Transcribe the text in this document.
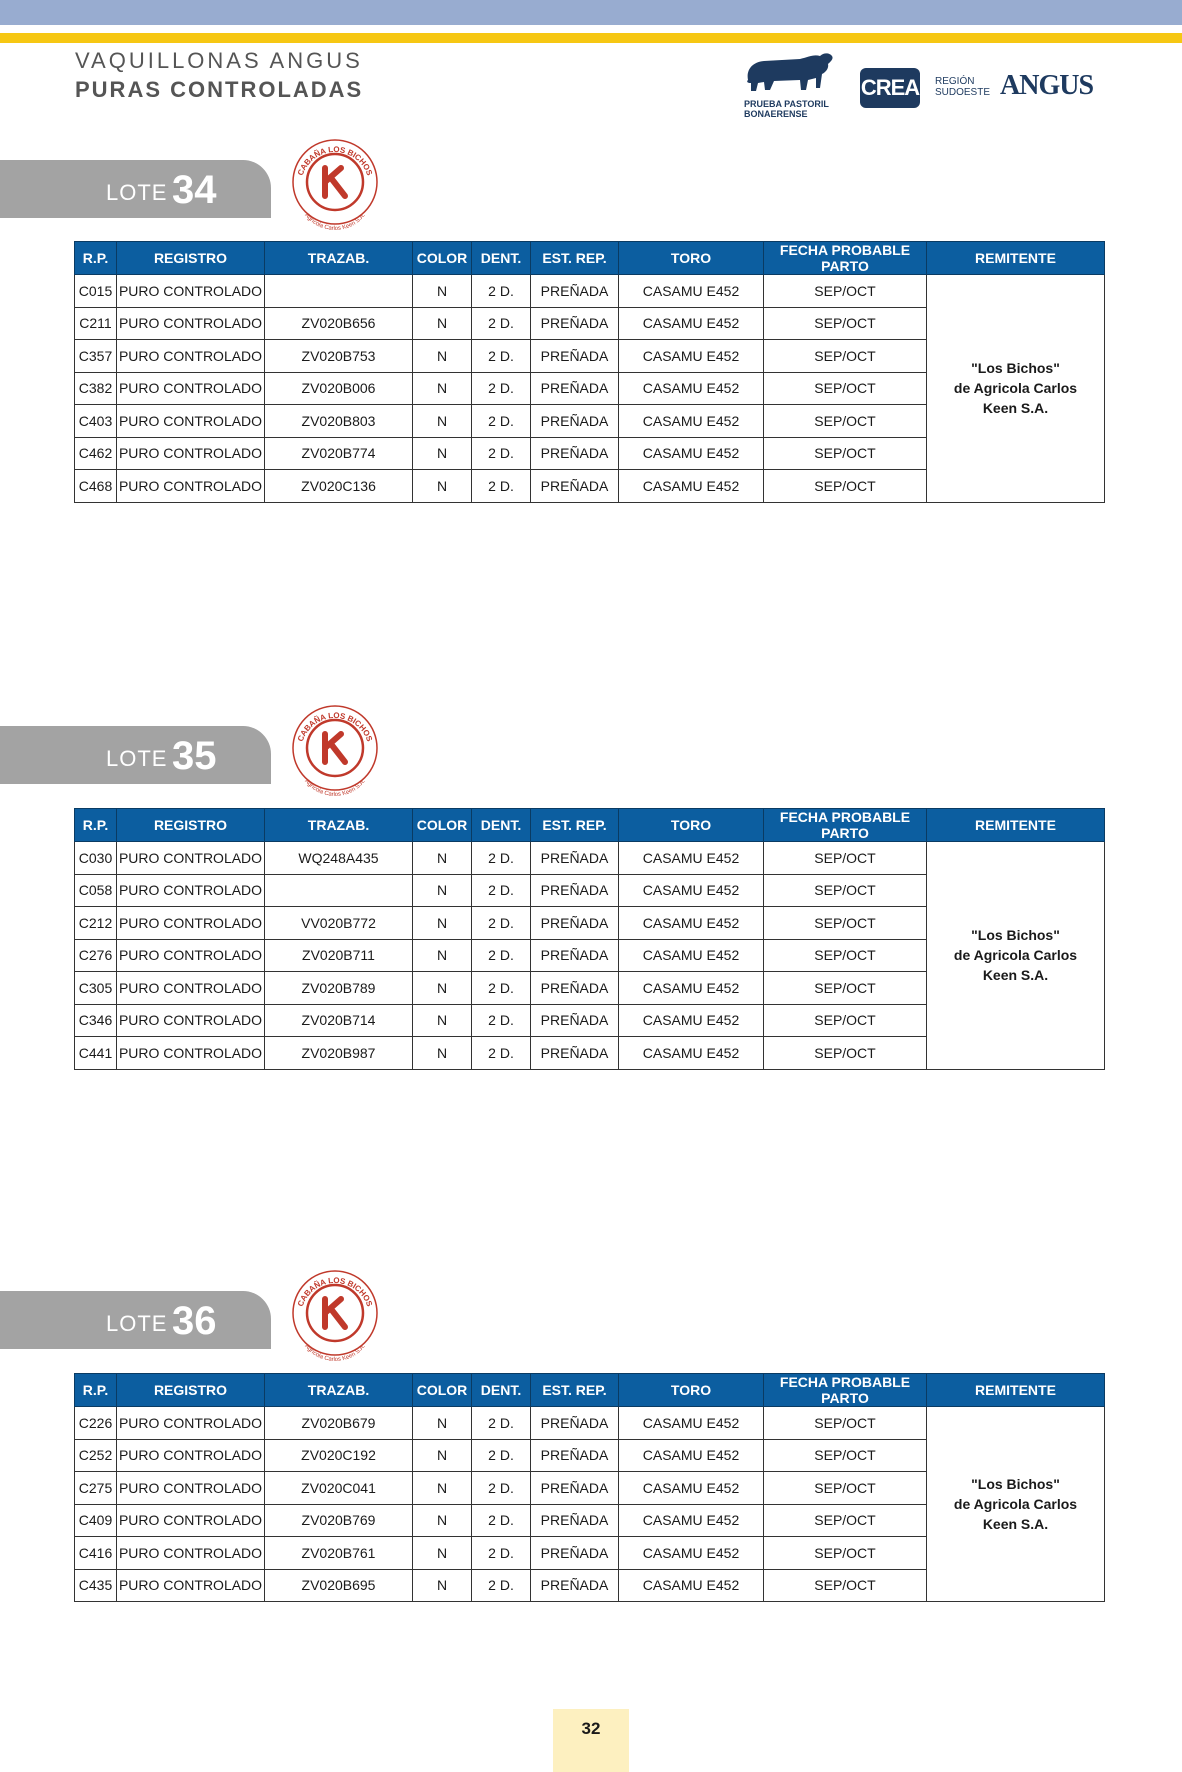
VAQUILLONAS ANGUS
PURAS CONTROLADAS
PRUEBA PASTORIL
BONAERENSE
CREA REGIÓN
SUDOESTE ANGUS
LOTE 34	CABAÑA LOS BICHOS
Agrícola Carlos Keen S.A.
R.P.	REGISTRO	TRAZAB.	COLOR	DENT.	EST. REP.	TORO	FECHA PROBABLE PARTO	REMITENTE
C015	PURO CONTROLADO		N	2 D.	PREÑADA	CASAMU E452	SEP/OCT	"Los Bichos"
de Agricola Carlos
Keen S.A.

C211	PURO CONTROLADO	ZV020B656	N	2 D.	PREÑADA	CASAMU E452	SEP/OCT	
C357	PURO CONTROLADO	ZV020B753	N	2 D.	PREÑADA	CASAMU E452	SEP/OCT	
C382	PURO CONTROLADO	ZV020B006	N	2 D.	PREÑADA	CASAMU E452	SEP/OCT	
C403	PURO CONTROLADO	ZV020B803	N	2 D.	PREÑADA	CASAMU E452	SEP/OCT	
C462	PURO CONTROLADO	ZV020B774	N	2 D.	PREÑADA	CASAMU E452	SEP/OCT	
C468	PURO CONTROLADO	ZV020C136	N	2 D.	PREÑADA	CASAMU E452	SEP/OCT	
LOTE 35	CABAÑA LOS BICHOS
Agrícola Carlos Keen S.A.
R.P.	REGISTRO	TRAZAB.	COLOR	DENT.	EST. REP.	TORO	FECHA PROBABLE PARTO	REMITENTE
C030	PURO CONTROLADO	WQ248A435	N	2 D.	PREÑADA	CASAMU E452	SEP/OCT	"Los Bichos"
de Agricola Carlos
Keen S.A.

C058	PURO CONTROLADO		N	2 D.	PREÑADA	CASAMU E452	SEP/OCT	
C212	PURO CONTROLADO	VV020B772	N	2 D.	PREÑADA	CASAMU E452	SEP/OCT	
C276	PURO CONTROLADO	ZV020B711	N	2 D.	PREÑADA	CASAMU E452	SEP/OCT	
C305	PURO CONTROLADO	ZV020B789	N	2 D.	PREÑADA	CASAMU E452	SEP/OCT	
C346	PURO CONTROLADO	ZV020B714	N	2 D.	PREÑADA	CASAMU E452	SEP/OCT	
C441	PURO CONTROLADO	ZV020B987	N	2 D.	PREÑADA	CASAMU E452	SEP/OCT	
LOTE 36	CABAÑA LOS BICHOS
Agrícola Carlos Keen S.A.
R.P.	REGISTRO	TRAZAB.	COLOR	DENT.	EST. REP.	TORO	FECHA PROBABLE PARTO	REMITENTE
C226	PURO CONTROLADO	ZV020B679	N	2 D.	PREÑADA	CASAMU E452	SEP/OCT	"Los Bichos"
de Agricola Carlos
Keen S.A.

C252	PURO CONTROLADO	ZV020C192	N	2 D.	PREÑADA	CASAMU E452	SEP/OCT	
C275	PURO CONTROLADO	ZV020C041	N	2 D.	PREÑADA	CASAMU E452	SEP/OCT	
C409	PURO CONTROLADO	ZV020B769	N	2 D.	PREÑADA	CASAMU E452	SEP/OCT	
C416	PURO CONTROLADO	ZV020B761	N	2 D.	PREÑADA	CASAMU E452	SEP/OCT	
C435	PURO CONTROLADO	ZV020B695	N	2 D.	PREÑADA	CASAMU E452	SEP/OCT	
32
